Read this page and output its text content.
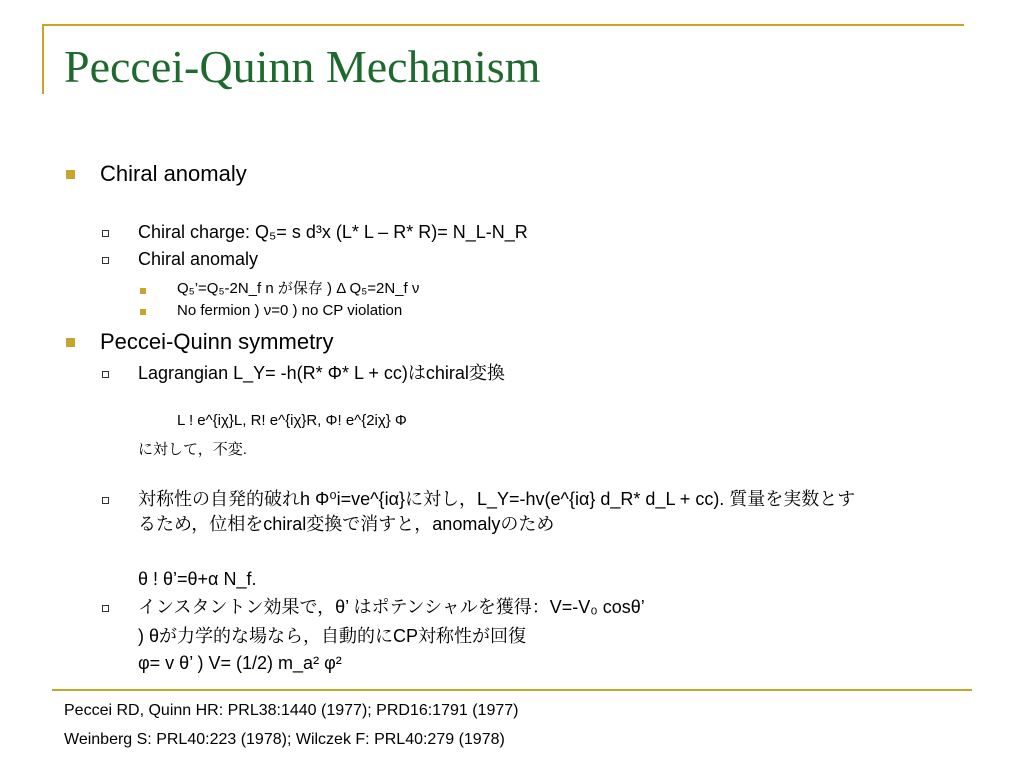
Peccei-Quinn Mechanism
Chiral anomaly
Chiral charge: Q₅= s d³x (L* L – R* R)= N_L-N_R
Chiral anomaly
Q₅’=Q₅-2N_f n が保存 ) Δ Q₅=2N_f ν
No fermion ) ν=0 ) no CP violation
Peccei-Quinn symmetry
Lagrangian L_Y= -h(R* Φ* L + cc)はchiral変換
L ! e^{iχ}L, R! e^{iχ}R, Φ! e^{2iχ} Φ
に対して，不変.
対称性の自発的破れh Φ⁰i=ve^{iα}に対し，L_Y=-hv(e^{iα} d_R* d_L + cc). 質量を実数とす
るため，位相をchiral変換で消すと，anomalyのため
θ ! θ’=θ+α N_f.
インスタントン効果で，θ’ はポテンシャルを獲得：V=-V₀ cosθ’
) θが力学的な場なら，自動的にCP対称性が回復
φ= v θ’ ) V= (1/2) m_a² φ²
Peccei RD, Quinn HR: PRL38:1440 (1977); PRD16:1791 (1977)
Weinberg S: PRL40:223 (1978); Wilczek F: PRL40:279 (1978)
